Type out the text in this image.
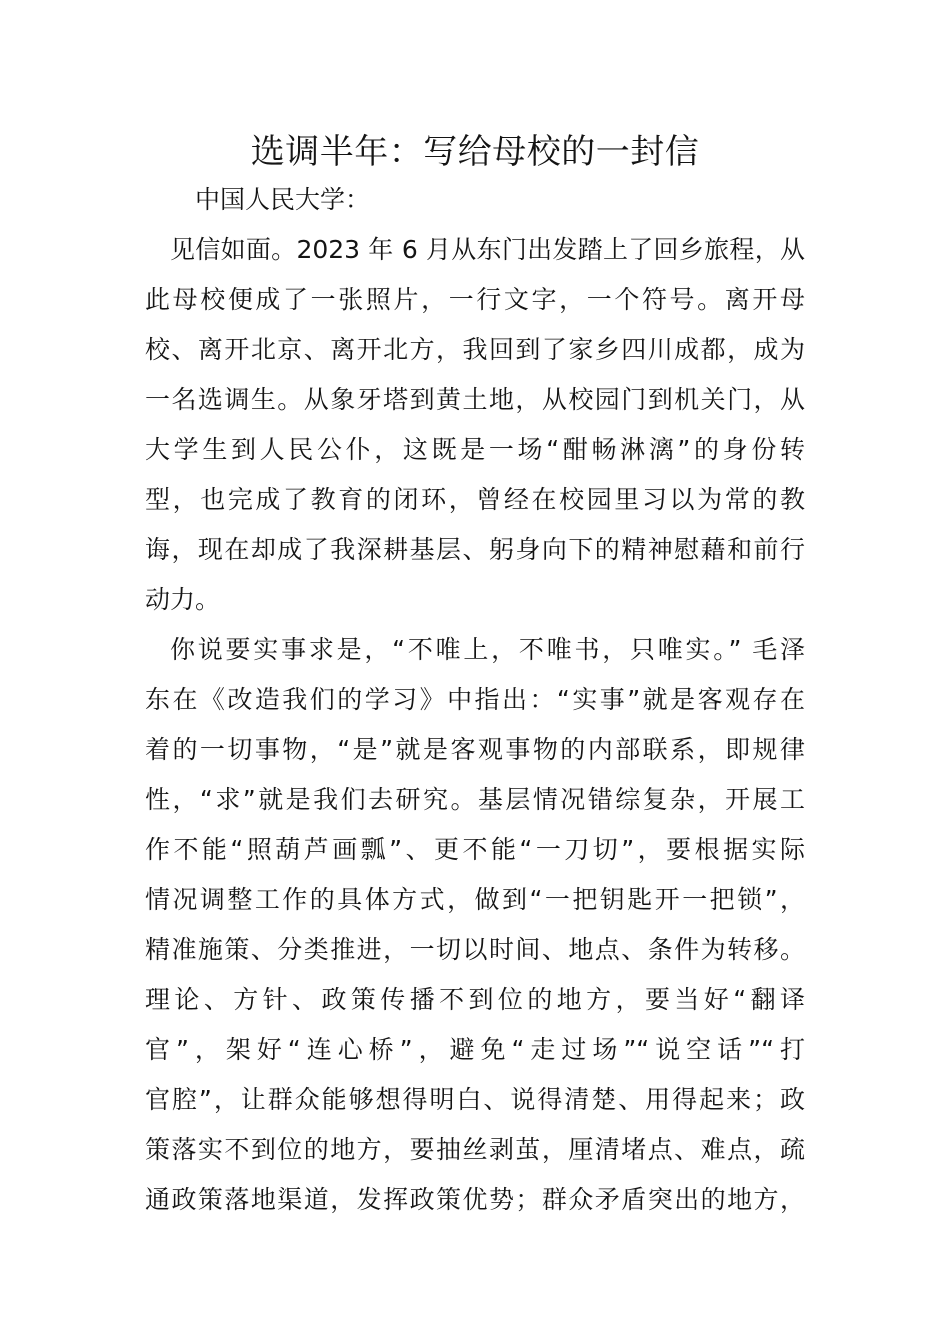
选调半年：写给母校的一封信
中国人民大学：
见信如面。2023 年 6 月从东门出发踏上了回乡旅程，从
此母校便成了一张照片，一行文字，一个符号。离开母
校、离开北京、离开北方，我回到了家乡四川成都，成为
一名选调生。从象牙塔到黄土地，从校园门到机关门，从
大学生到人民公仆，这既是一场“酣畅淋漓”的身份转
型，也完成了教育的闭环，曾经在校园里习以为常的教
诲，现在却成了我深耕基层、躬身向下的精神慰藉和前行
动力。
你说要实事求是，“不唯上，不唯书，只唯实。” 毛泽
东在《改造我们的学习》中指出：“实事”就是客观存在
着的一切事物，“是”就是客观事物的内部联系，即规律
性，“求”就是我们去研究。基层情况错综复杂，开展工
作不能“照葫芦画瓢”、更不能“一刀切”，要根据实际
情况调整工作的具体方式，做到“一把钥匙开一把锁”，
精准施策、分类推进，一切以时间、地点、条件为转移。
理论、方针、政策传播不到位的地方，要当好“翻译
官”，架好“连心桥”，避免“走过场”“说空话”“打
官腔”，让群众能够想得明白、说得清楚、用得起来；政
策落实不到位的地方，要抽丝剥茧，厘清堵点、难点，疏
通政策落地渠道，发挥政策优势；群众矛盾突出的地方，
